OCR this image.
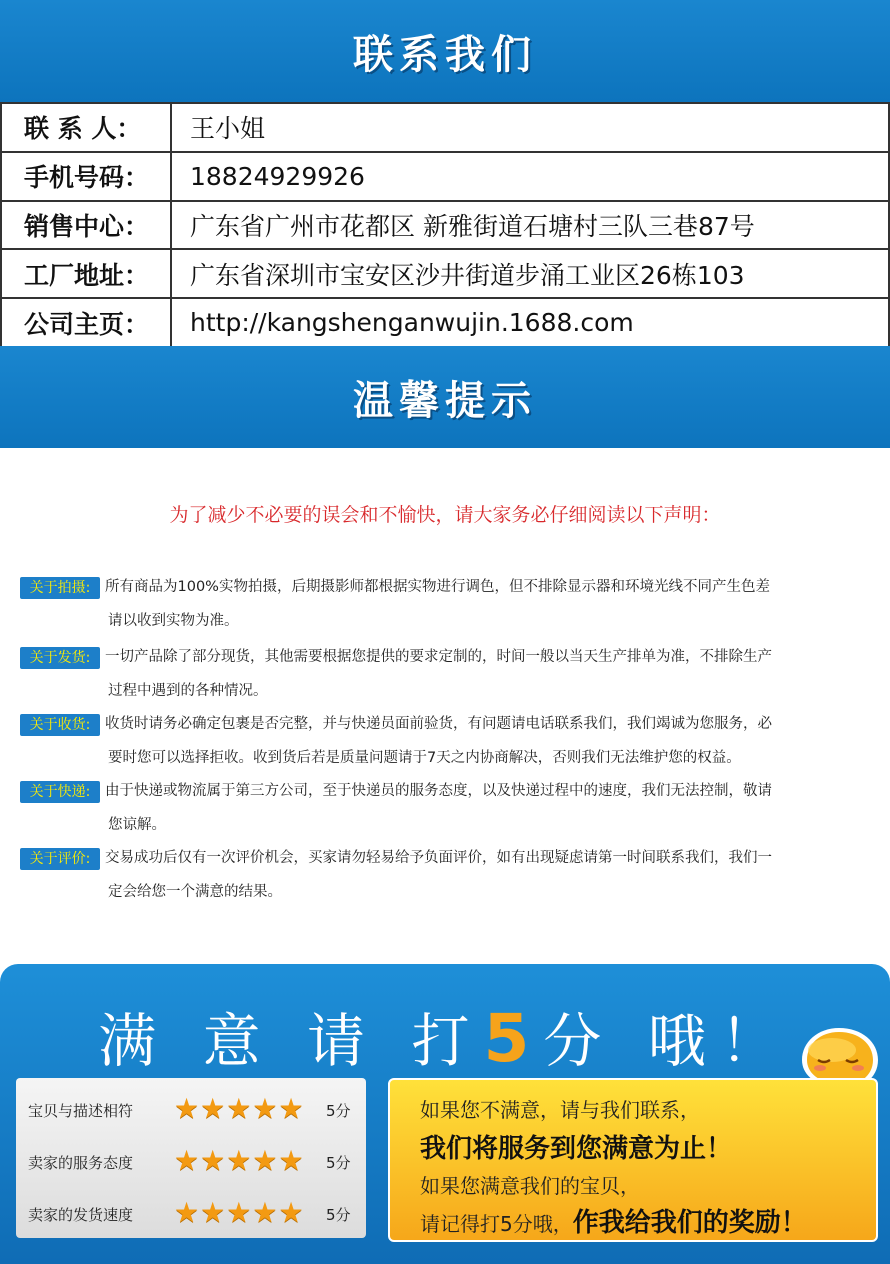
联系我们
联 系 人：	王小姐
手机号码：	18824929926
销售中心：	广东省广州市花都区 新雅街道石塘村三队三巷87号
工厂地址：	广东省深圳市宝安区沙井街道步涌工业区26栋103
公司主页：	http://kangshenganwujin.1688.com
温馨提示
为了减少不必要的误会和不愉快，请大家务必仔细阅读以下声明：
关于拍摄:	所有商品为100%实物拍摄，后期摄影师都根据实物进行调色，但不排除显示器和环境光线不同产生色差
请以收到实物为准。
关于发货:	一切产品除了部分现货，其他需要根据您提供的要求定制的，时间一般以当天生产排单为准，不排除生产
过程中遇到的各种情况。
关于收货:	收货时请务必确定包裹是否完整，并与快递员面前验货，有问题请电话联系我们，我们竭诚为您服务，必
要时您可以选择拒收。收到货后若是质量问题请于7天之内协商解决，否则我们无法维护您的权益。
关于快递:	由于快递或物流属于第三方公司，至于快递员的服务态度，以及快递过程中的速度，我们无法控制，敬请
您谅解。
关于评价:	交易成功后仅有一次评价机会，买家请勿轻易给予负面评价，如有出现疑虑请第一时间联系我们，我们一
定会给您一个满意的结果。
满 意 请 打5分 哦！
宝贝与描述相符 ★★★★★ 5分
卖家的服务态度 ★★★★★ 5分
卖家的发货速度 ★★★★★ 5分
如果您不满意，请与我们联系，
我们将服务到您满意为止！
如果您满意我们的宝贝，
请记得打5分哦，作我给我们的奖励！
